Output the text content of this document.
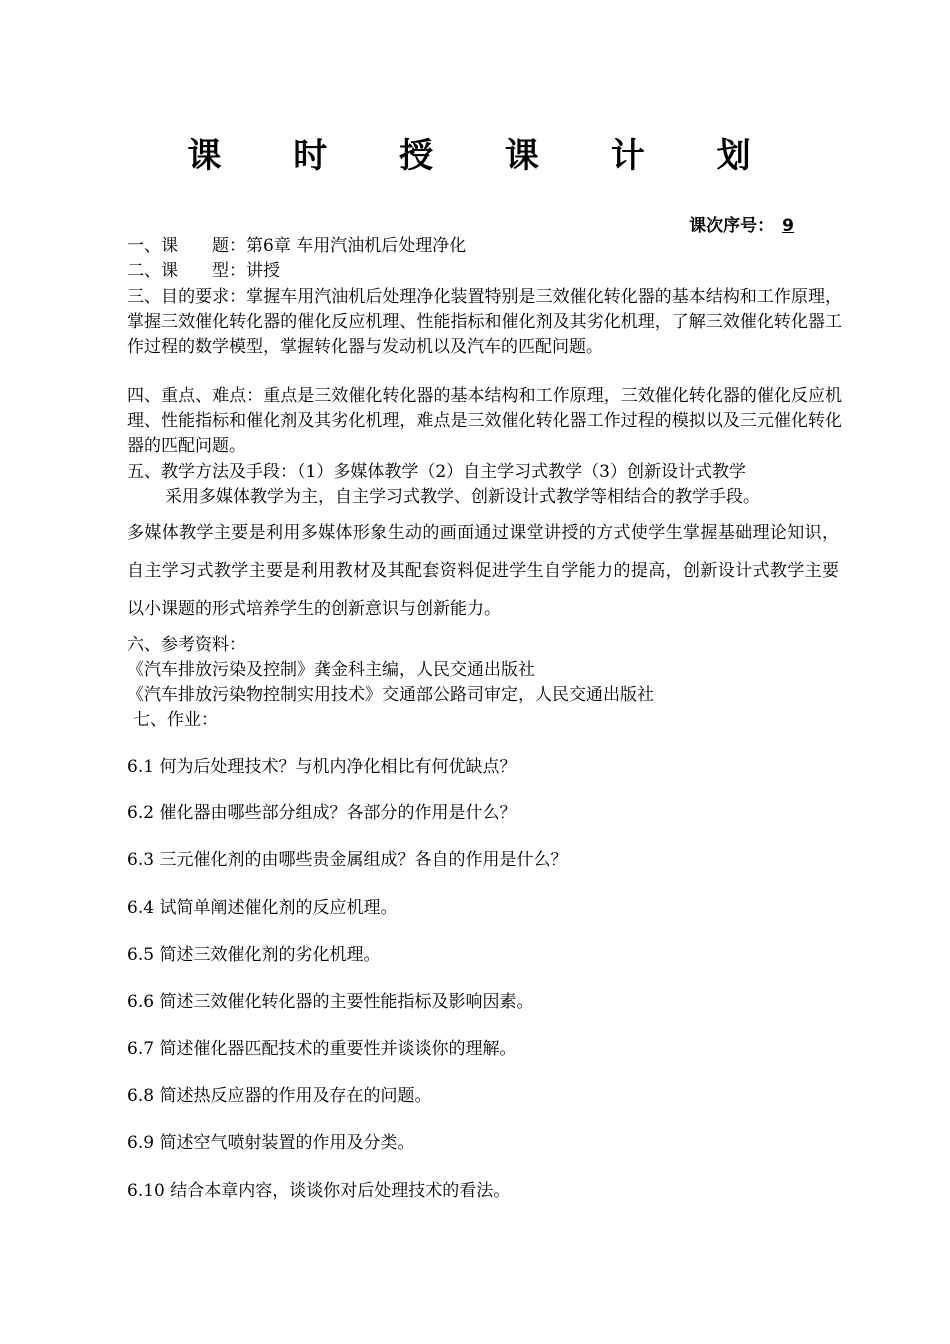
课 时 授 课 计 划
课次序号： 9
一、课　　题：第6章 车用汽油机后处理净化
二、课　　型：讲授
三、目的要求：掌握车用汽油机后处理净化装置特别是三效催化转化器的基本结构和工作原理，掌握三效催化转化器的催化反应机理、性能指标和催化剂及其劣化机理，了解三效催化转化器工作过程的数学模型，掌握转化器与发动机以及汽车的匹配问题。
四、重点、难点：重点是三效催化转化器的基本结构和工作原理，三效催化转化器的催化反应机理、性能指标和催化剂及其劣化机理，难点是三效催化转化器工作过程的模拟以及三元催化转化器的匹配问题。
五、教学方法及手段：（1）多媒体教学（2）自主学习式教学（3）创新设计式教学
采用多媒体教学为主，自主学习式教学、创新设计式教学等相结合的教学手段。
多媒体教学主要是利用多媒体形象生动的画面通过课堂讲授的方式使学生掌握基础理论知识，自主学习式教学主要是利用教材及其配套资料促进学生自学能力的提高，创新设计式教学主要以小课题的形式培养学生的创新意识与创新能力。
六、参考资料：
《汽车排放污染及控制》龚金科主编，人民交通出版社
《汽车排放污染物控制实用技术》交通部公路司审定，人民交通出版社
七、作业：
6.1 何为后处理技术？与机内净化相比有何优缺点？
6.2 催化器由哪些部分组成？各部分的作用是什么？
6.3 三元催化剂的由哪些贵金属组成？各自的作用是什么？
6.4 试简单阐述催化剂的反应机理。
6.5 简述三效催化剂的劣化机理。
6.6 简述三效催化转化器的主要性能指标及影响因素。
6.7 简述催化器匹配技术的重要性并谈谈你的理解。
6.8 简述热反应器的作用及存在的问题。
6.9 简述空气喷射装置的作用及分类。
6.10 结合本章内容，谈谈你对后处理技术的看法。
